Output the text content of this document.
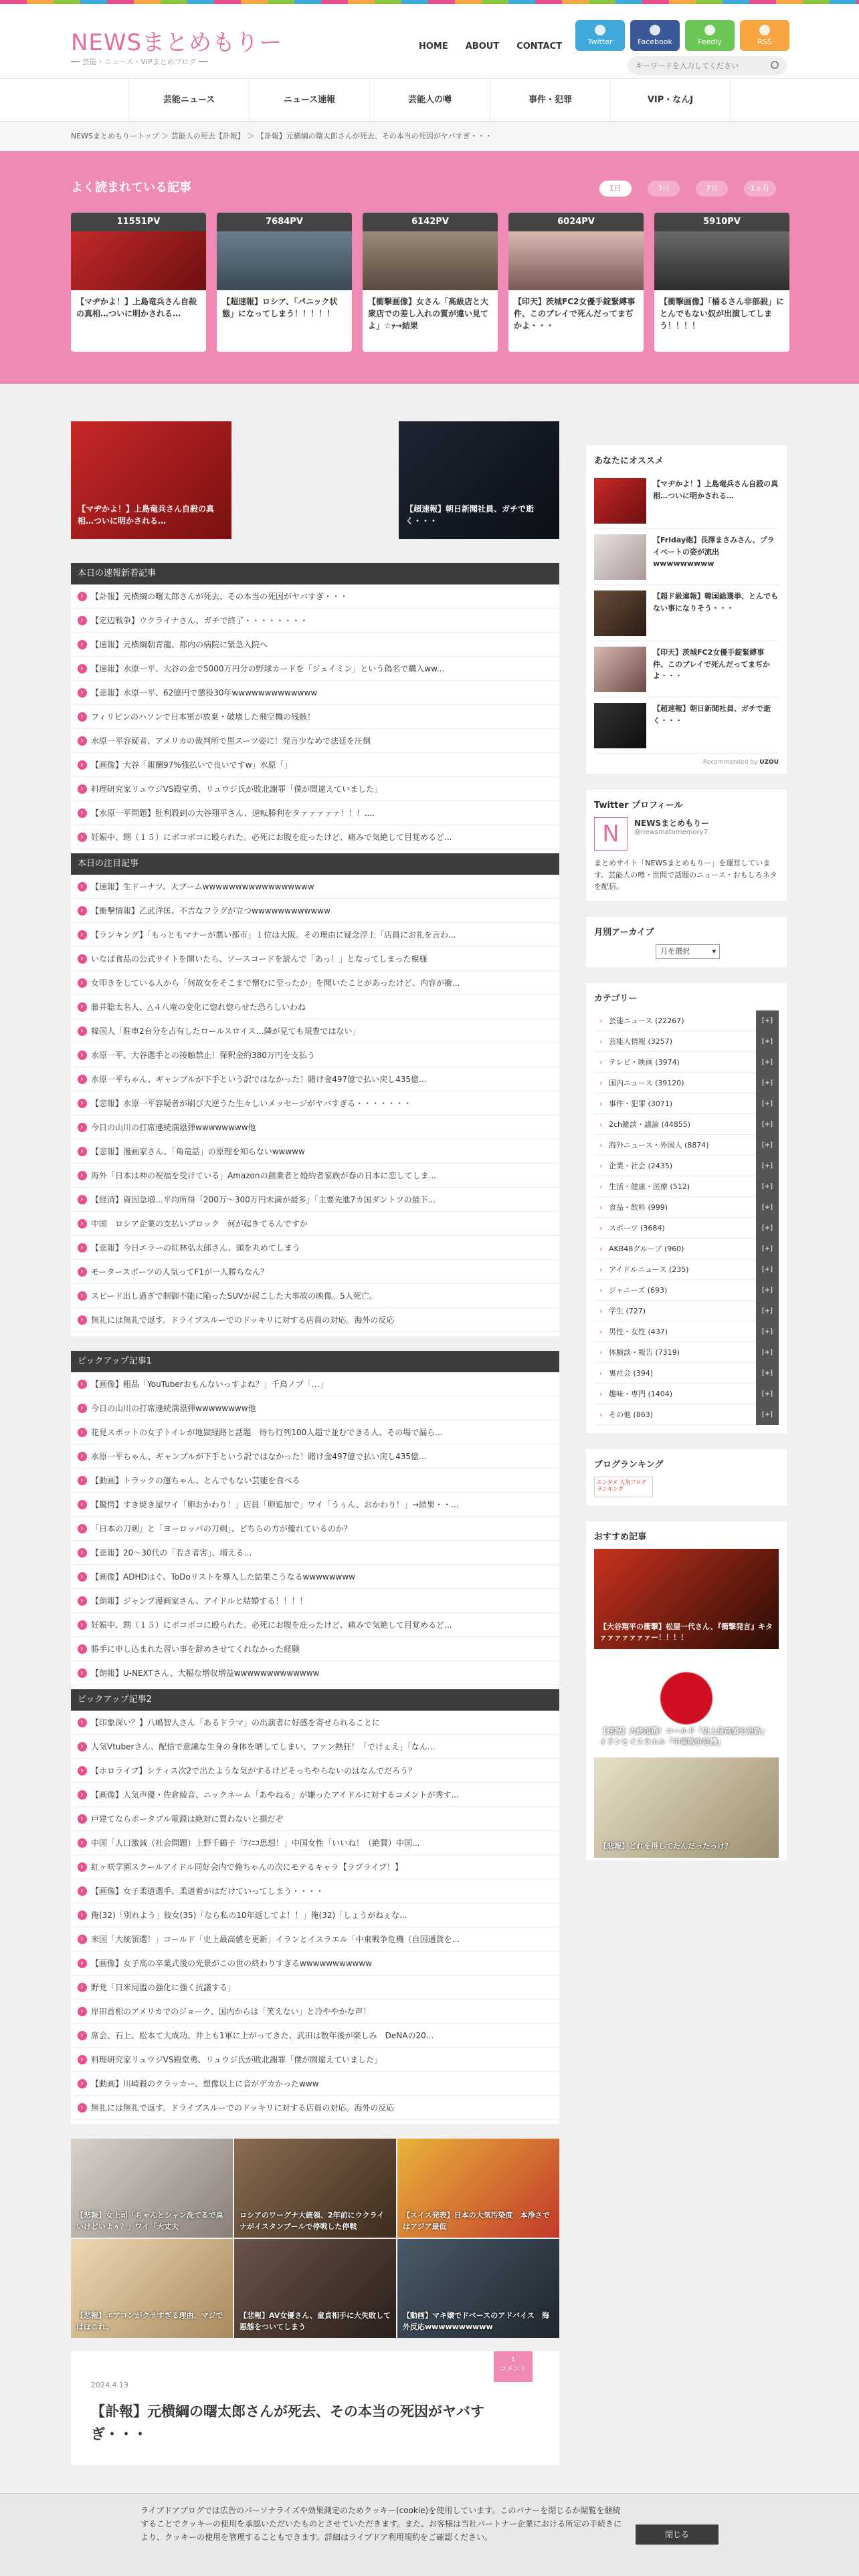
NEWSまとめもりー
━━ 芸能・ニュース・VIPまとめブログ ━━
HOME ABOUT CONTACT	Twitter	Facebook	Feedly	RSS
キーワードを入力してください
芸能ニュース	ニュース速報	芸能人の噂	事件・犯罪	VIP・なんJ
NEWSまとめもりートップ ＞ 芸能人の死去【訃報】 ＞ 【訃報】元横綱の曙太郎さんが死去、その本当の死因がヤバすぎ・・・
よく読まれている記事	1日	3日	7日	1ヵ月
11551PV
【マヂかよ！】上島竜兵さん自殺の真相…ついに明かされる…
7684PV
【超速報】ロシア、「パニック状態」になってしまう！！！！！
6142PV
【衝撃画像】女さん「高級店と大衆店での差し入れの質が違い見てよ」☆ｯ→結果
6024PV
【印天】茨城FC2女優手錠緊縛事件、このブレイで死んだってまぢかよ・・・
5910PV
【衝撃画像】「桶るさん非部殺」にとんでもない奴が出演してしまう！！！！
【マヂかよ！】上島竜兵さん自殺の真相…ついに明かされる…
【超速報】朝日新聞社員、ガチで逝く・・・
本日の速報新着記事
【訃報】元横綱の曙太郎さんが死去、その本当の死因がヤバすぎ・・・ ›
【定辺戦争】ウクライナさん、ガチで終了・・・・・・・・ ›
【速報】元横綱朝青龍、都内の病院に緊急入院へ ›
【速報】水原一平、大谷の金で5000万円分の野球カードを「ジェイミン」という偽名で購入ww... ›
【悲報】水原一平、62億円で懲役30年wwwwwwwwwwwww ›
フィリピンのハソンで日本軍が放棄・破壊した飛空機の残骸！ ›
水原一平容疑者、アメリカの裁判所で黒スーツ姿に！発言少なめで法廷を圧倒 ›
【画像】大谷「報酬97%強払いで良いですw」水原「」 ›
料理研究家リュウジVS殿堂勇、リュウジ氏が敗北謝罪「僕が間違えていました」 ›
【水原一平問題】肚利殺到の大谷翔平さん、逆転勝利をタァァァァァ！！！.... ›
妊娠中、甥（１５）にボコボコに殴られた。必死にお腹を庇ったけど、痛みで気絶して目覚めるど... ›
本日の注目記事
【速報】生ドーナツ、大ブームwwwwwwwwwwwwwwwww ›
【衝撃情報】乙武洋匡、不吉なフラグが立つwwwwwwwwwwww ›
【ランキング】「もっともマナーが悪い都市」１位は大阪。その理由に疑念浮上「店員にお礼を言わ... ›
いなば食品の公式サイトを開いたら、ソースコードを読んで「あっ！」となってしまった模様 ›
女叩きをしている人から「何故女をそこまで憎むに至ったか」を聞いたことがあったけど、内容が衝... ›
藤井聡太名人、△４八竜の変化に惚れ惚らせた恐ろしいわね ›
韓国人「駐車2台分を占有したロールスロイス…隣が見ても規豊ではない」 ›
水原一平、大谷選手との接触禁止！保釈金約380万円を支払う ›
水原一平ちゃん、ギャンブルが下手という訳ではなかった！賭け金497億で払い戻し435億... ›
【悲報】水原一平容疑者が刷び大逆うた生々しいメッセージがヤバすぎる・・・・・・・ ›
今日の山川の打席連続満塁弾wwwwwwww他 ›
【悲報】漫画家さん、「角竜話」の原理を知らないwwwww ›
海外「日本は神の祝福を受けている」Amazonの創業者と婚約者家族が春の日本に恋してしま... ›
【経済】資因急増…平均所得「200万〜300万円未満が最多」「主要先進7カ国ダントツの最下... ›
中国　ロシア企業の支払いブロック　何が起きてるんですか ›
【悲報】今日エラーの紅林弘太郎さん、頭を丸めてしまう ›
モータースポーツの人気ってF1が一人勝ちなん？ ›
スピード出し過ぎで制御不能に陥ったSUVが起こした大事故の映像。5人死亡。 ›
無礼には無礼で返す。ドライブスルーでのドッキリに対する店員の対応。海外の反応 ›
ピックアップ記事1
【画像】粗品「YouTuberおもんないっすよね？」千鳥ノブ「…」 ›
今日の山川の打席連続満塁弾wwwwwwww他 ›
花見スポットの女子トイレが地獄経路と話題　待ち行列100人超で並むできる人、その場で漏ら... ›
水原一平ちゃん、ギャンブルが下手という訳ではなかった！賭け金497億で払い戻し435億... ›
【動画】トラックの運ちゃん、とんでもない芸能を食べる ›
【驚愕】すき焼き屋ワイ「卵おかわり！」店員「卵追加で」ワイ「うぅん、おかわり！」→結果・・... ›
「日本の刀剣」と「ヨーロッパの刀剣」、どちらの方が優れているのか？ ›
【悲報】20〜30代の「若さ者害」、増える… ›
【画像】ADHDはぐ、ToDoリストを導入した結果こうなるwwwwwwww ›
【朗報】ジャンプ漫画家さん、アイドルと結婚する！！！！ ›
妊娠中、甥（１５）にボコボコに殴られた。必死にお腹を庇ったけど、痛みで気絶して目覚めるど... ›
勝手に申し込まれた習い事を辞めさせてくれなかった経験 ›
【朗報】U-NEXTさん、大幅な増収増益wwwwwwwwwwwww ›
ピックアップ記事2
【印象深い？】八嶋智人さん「あるドラマ」の出演者に好感を寄せられることに ›
人気Vtuberさん、配信で意識な生身の身体を晒してしまい、ファン熱狂！「でけぇえ」「なん... ›
【ホロライブ】シティス次2で出たような気がするけどそっちやらないのはなんでだろう？ ›
【画像】人気声優・佐倉綾音、ニックネーム「あやねる」が嫌ったアイドルに対するコメントが秀す... ›
戸建てならポータブル電源は絶対に買わないと損だぞ ›
中国「人口激減（社会問題）上野千鶴子「ｱｲﾆｺ思想！」中国女性「いいね！（絶賛）中国... ›
虹ヶ咲学園スクールアイドル同好会内で俺ちゃんの次にモテるキャラ【ラブライブ！】 ›
【画像】女子柔道選手、柔道着がはだけていってしまう・・・・ ›
俺(32)「別れよう」彼女(35)「なら私の10年返してよ！！」俺(32)「しょうがねぇな... ›
米国「大統領選！」コールド「史上最高値を更新」イランとイスラエル「中東戦争危機（自国通貨を... ›
【画像】女子高の卒業式後の光景がこの世の終わりすぎるwwwwwwwwwww ›
野党「日米同盟の強化に強く抗議する」 ›
岸田首相のアメリカでのジョーク、国内からは「笑えない」と冷ややかな声！ ›
席会、石上、松本て大成功、井上も1軍に上がってきた、武田は数年後が楽しみ　DeNAの20... ›
料理研究家リュウジVS殿堂勇、リュウジ氏が敗北謝罪「僕が間違えていました」 ›
【動画】川崎殺のクラッカー、想像以上に音がデカかったwww ›
無礼には無礼で返す。ドライブスルーでのドッキリに対する店員の対応。海外の反応 ›
【悲報】女上司「ちゃんとシャン洗てるで臭いけどいよぅ？」ワイ「大丈夫
ロシアのワーグナ大統領、2年前にウクライナがイスタンブールで停戦した停戦
【スイス発表】日本の大気汚染度　本浄さではアジア最低
【悲報】エアコンがクサすぎる理由、マジではほこれ。
【悲報】AV女優さん、童貞相手に大失敗して悪態をついてしまう
【動画】マキ嬢でドベースのアドバイス　海外反応wwwwwwwwww
2024.4.13
1
コメント
【訃報】元横綱の曙太郎さんが死去、その本当の死因がヤバすぎ・・・
あなたにオススメ
【マヂかよ！】上島竜兵さん自殺の真相…ついに明かされる…
【Friday砲】長澤まさみさん、プライベートの姿が流出wwwwwwwww
【超ド級違報】韓国総選挙、とんでもない事になりそう・・・
【印天】茨城FC2女優手錠緊縛事件、このブレイで死んだってまぢかよ・・・
【超速報】朝日新聞社員、ガチで逝く・・・
Recommended by UZOU
Twitter プロフィール
N	NEWSまとめもりー
@newsmatomemory7
まとめサイト「NEWSまとめもりー」を運営しています。芸能人の噂・世間で話題のニュース・おもしろネタを配信。
月別アーカイブ
月を選択	▾
カテゴリー
› 芸能ニュース (22267)	[+]
› 芸能人情報 (3257)	[+]
› テレビ・映画 (3974)	[+]
› 国内ニュース (39120)	[+]
› 事件・犯罪 (3071)	[+]
› 2ch雑談・議論 (44855)	[+]
› 海外ニュース・外国人 (8874)	[+]
› 企業・社会 (2435)	[+]
› 生活・健康・医療 (512)	[+]
› 食品・飲料 (999)	[+]
› スポーツ (3684)	[+]
› AKB48グループ (960)	[+]
› アイドルニュース (235)	[+]
› ジャニーズ (693)	[+]
› 学生 (727)	[+]
› 男性・女性 (437)	[+]
› 体験談・報告 (7319)	[+]
› 裏社会 (394)	[+]
› 趣味・専門 (1404)	[+]
› その他 (863)	[+]
ブログランキング
エンタメ 人気ブログランキング
おすすめ記事
【大谷翔平の衝撃】松屋一代さん、『衝撃発言』キタァァァァァァァー！！！！
【速報】大統領選！コールド「史上最高値を更新」イランとイスラエル「中東戦争危機」
【悲報】どれを得してたんだったっけ？

ライブドアブログでは広告のパーソナライズや効果測定のためクッキー(cookie)を使用しています。このバナーを閉じるか閲覧を継続することでクッキーの使用を承認いただいたものとさせていただきます。また、お客様は当社パートナー企業における所定の手続きにより、クッキーの使用を管理することもできます。詳細はライブドア利用規約をご確認ください。	閉じる
